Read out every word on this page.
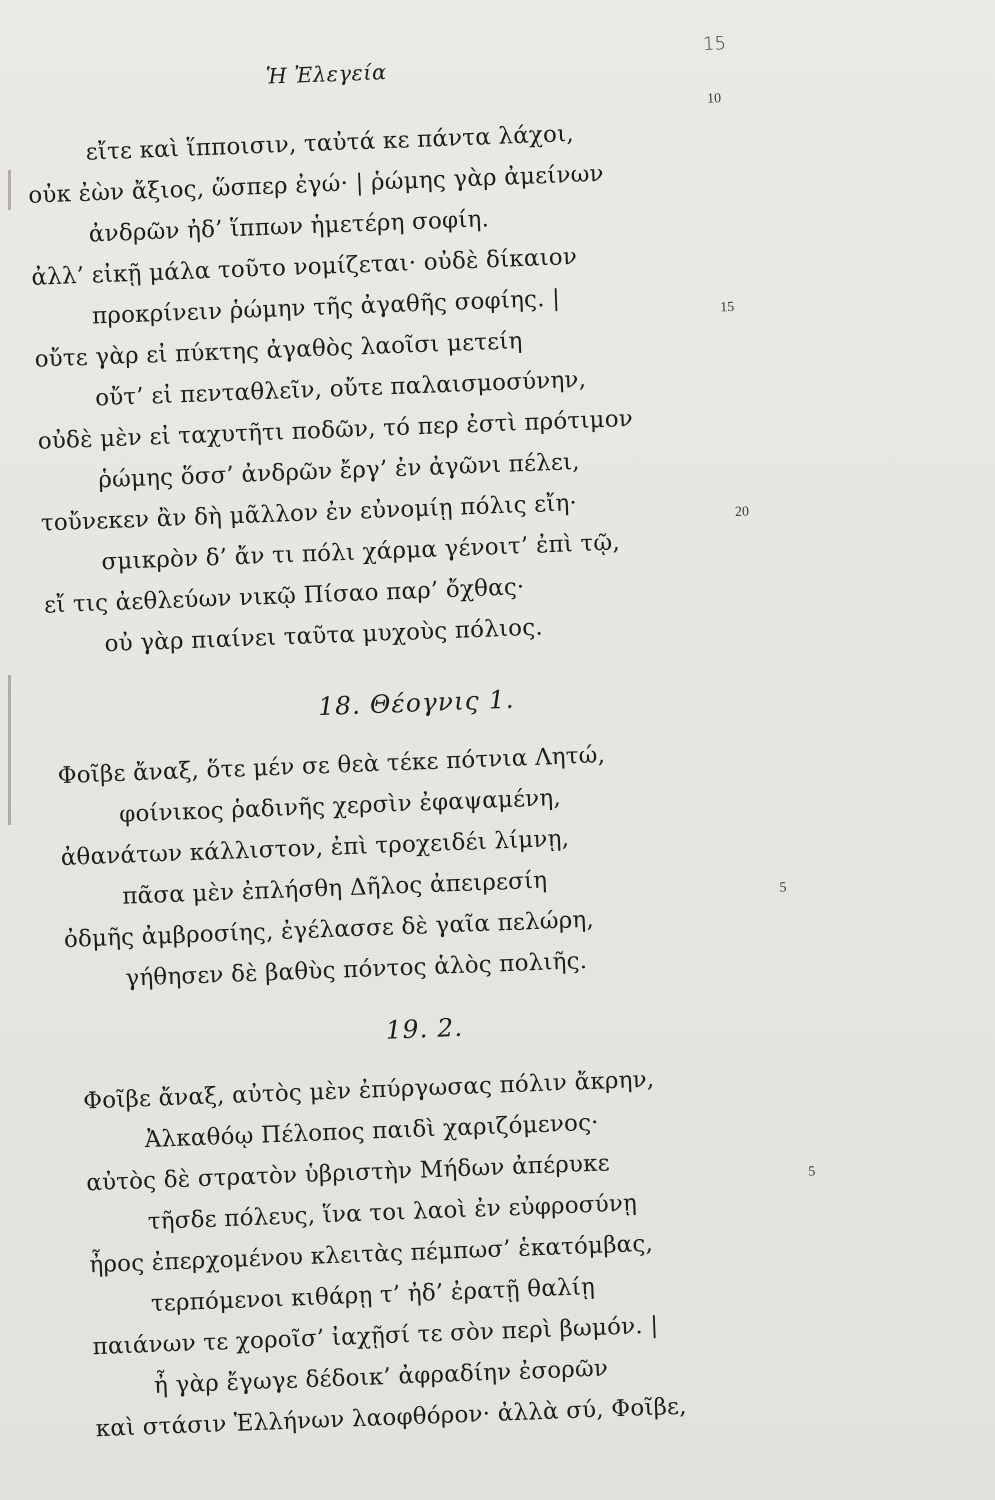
Ἡ Ἐλεγεία
15
εἴτε καὶ ἵπποισιν, ταὐτά κε πάντα λάχοι,
οὐκ ἐὼν ἄξιος, ὥσπερ ἐγώ· | ῥώμης γὰρ ἀμείνων
ἀνδρῶν ἠδ’ ἵππων ἡμετέρη σοφίη.
ἀλλ’ εἰκῇ μάλα τοῦτο νομίζεται· οὐδὲ δίκαιον
προκρίνειν ῥώμην τῆς ἀγαθῆς σοφίης. |
οὔτε γὰρ εἰ πύκτης ἀγαθὸς λαοῖσι μετείη
οὔτ’ εἰ πενταθλεῖν, οὔτε παλαισμοσύνην,
οὐδὲ μὲν εἰ ταχυτῆτι ποδῶν, τό περ ἐστὶ πρότιμον
ῥώμης ὅσσ’ ἀνδρῶν ἔργ’ ἐν ἀγῶνι πέλει,
τοὔνεκεν ἂν δὴ μᾶλλον ἐν εὐνομίῃ πόλις εἴη·
σμικρὸν δ’ ἄν τι πόλι χάρμα γένοιτ’ ἐπὶ τῷ,
εἴ τις ἀεθλεύων νικῷ Πίσαο παρ’ ὄχθας·
οὐ γὰρ πιαίνει ταῦτα μυχοὺς πόλιος.
10
15
20
18. Θέογνις 1.
Φοῖβε ἄναξ, ὅτε μέν σε θεὰ τέκε πότνια Λητώ,
φοίνικος ῥαδινῆς χερσὶν ἐφαψαμένη,
ἀθανάτων κάλλιστον, ἐπὶ τροχειδέι λίμνῃ,
πᾶσα μὲν ἐπλήσθη Δῆλος ἀπειρεσίη
ὀδμῆς ἀμβροσίης, ἐγέλασσε δὲ γαῖα πελώρη,
γήθησεν δὲ βαθὺς πόντος ἁλὸς πολιῆς.
5
19. 2.
Φοῖβε ἄναξ, αὐτὸς μὲν ἐπύργωσας πόλιν ἄκρην,
Ἀλκαθόῳ Πέλοπος παιδὶ χαριζόμενος·
αὐτὸς δὲ στρατὸν ὑβριστὴν Μήδων ἀπέρυκε
τῆσδε πόλευς, ἵνα τοι λαοὶ ἐν εὐφροσύνῃ
ἦρος ἐπερχομένου κλειτὰς πέμπωσ’ ἑκατόμβας,
τερπόμενοι κιθάρῃ τ’ ἠδ’ ἐρατῇ θαλίῃ
παιάνων τε χοροῖσ’ ἰαχῇσί τε σὸν περὶ βωμόν. |
ἦ γὰρ ἔγωγε δέδοικ’ ἀφραδίην ἐσορῶν
καὶ στάσιν Ἑλλήνων λαοφθόρον· ἀλλὰ σύ, Φοῖβε,
5
